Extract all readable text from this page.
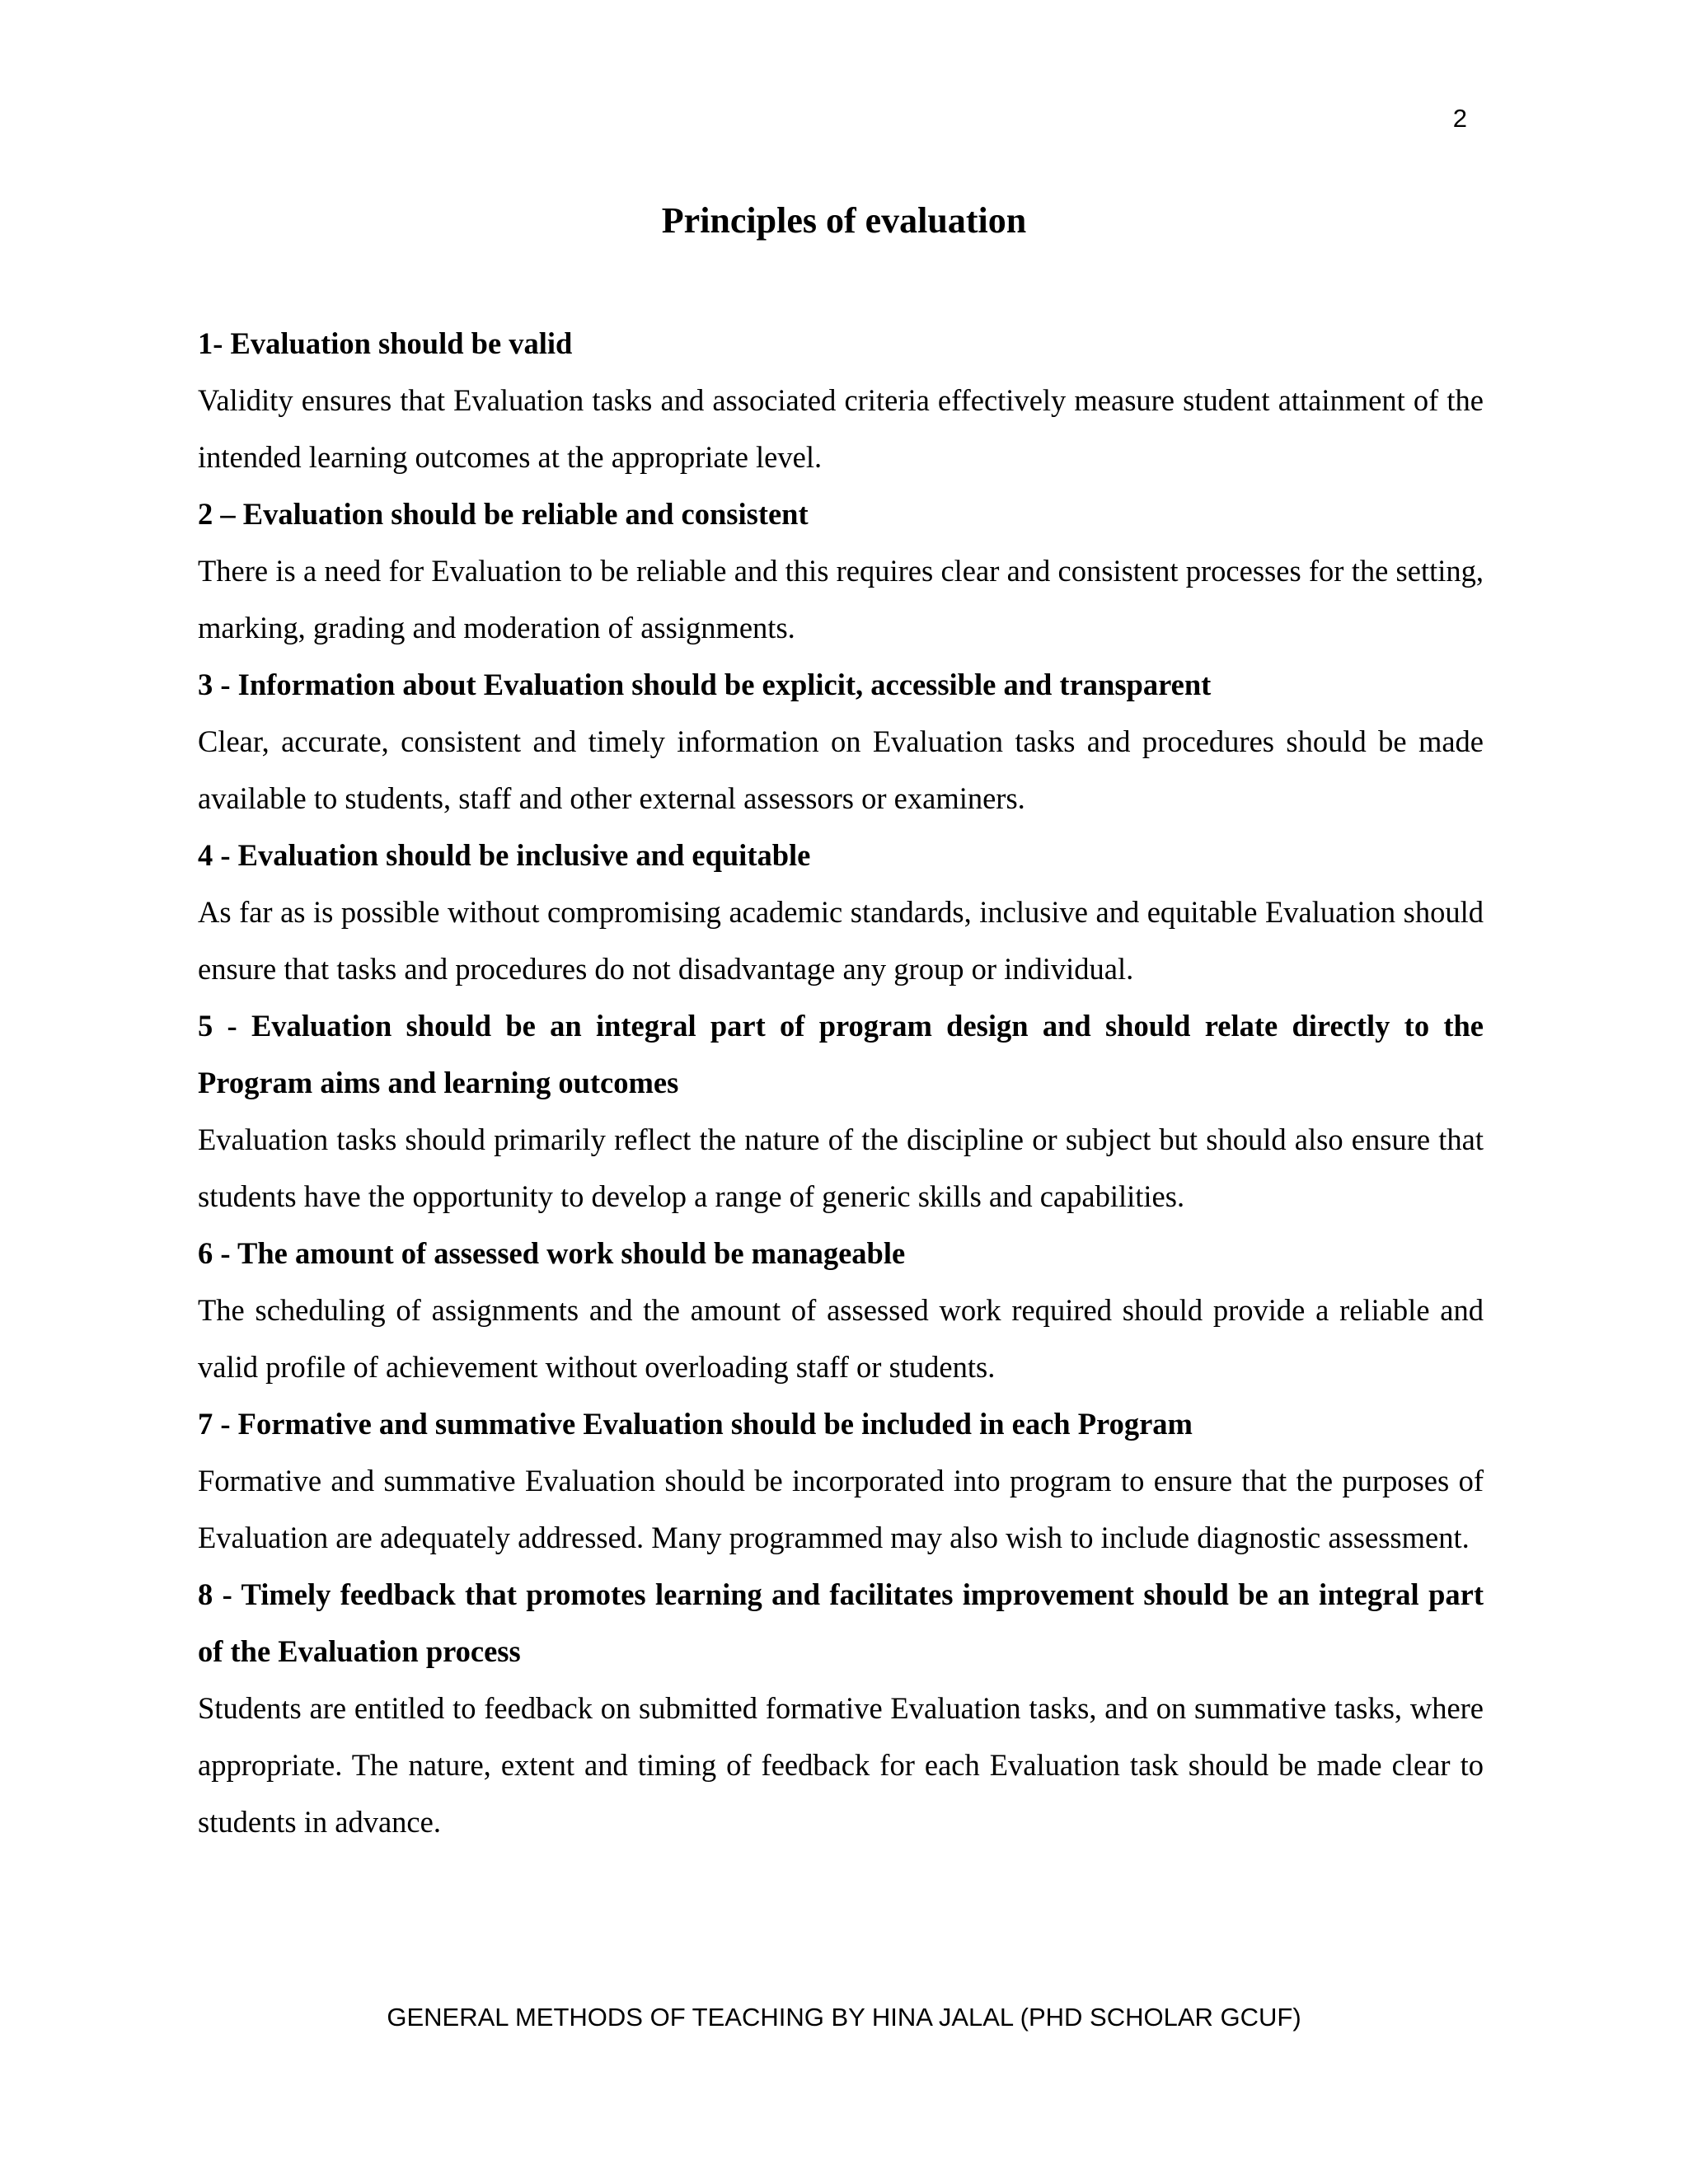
2
Principles of evaluation

1- Evaluation should be valid

Validity ensures that Evaluation tasks and associated criteria effectively measure student attainment of the intended learning outcomes at the appropriate level.

2 – Evaluation should be reliable and consistent

There is a need for Evaluation to be reliable and this requires clear and consistent processes for the setting, marking, grading and moderation of assignments.

3 - Information about Evaluation should be explicit, accessible and transparent

Clear, accurate, consistent and timely information on Evaluation tasks and procedures should be made available to students, staff and other external assessors or examiners.

4 - Evaluation should be inclusive and equitable

As far as is possible without compromising academic standards, inclusive and equitable Evaluation should ensure that tasks and procedures do not disadvantage any group or individual.

5 - Evaluation should be an integral part of program design and should relate directly to the Program aims and learning outcomes

Evaluation tasks should primarily reflect the nature of the discipline or subject but should also ensure that students have the opportunity to develop a range of generic skills and capabilities.

6 - The amount of assessed work should be manageable

The scheduling of assignments and the amount of assessed work required should provide a reliable and valid profile of achievement without overloading staff or students.

7 - Formative and summative Evaluation should be included in each Program

Formative and summative Evaluation should be incorporated into program to ensure that the purposes of Evaluation are adequately addressed. Many programmed may also wish to include diagnostic assessment.

8 - Timely feedback that promotes learning and facilitates improvement should be an integral part of the Evaluation process

Students are entitled to feedback on submitted formative Evaluation tasks, and on summative tasks, where appropriate. The nature, extent and timing of feedback for each Evaluation task should be made clear to students in advance.

GENERAL METHODS OF TEACHING BY HINA JALAL (PHD SCHOLAR GCUF)
